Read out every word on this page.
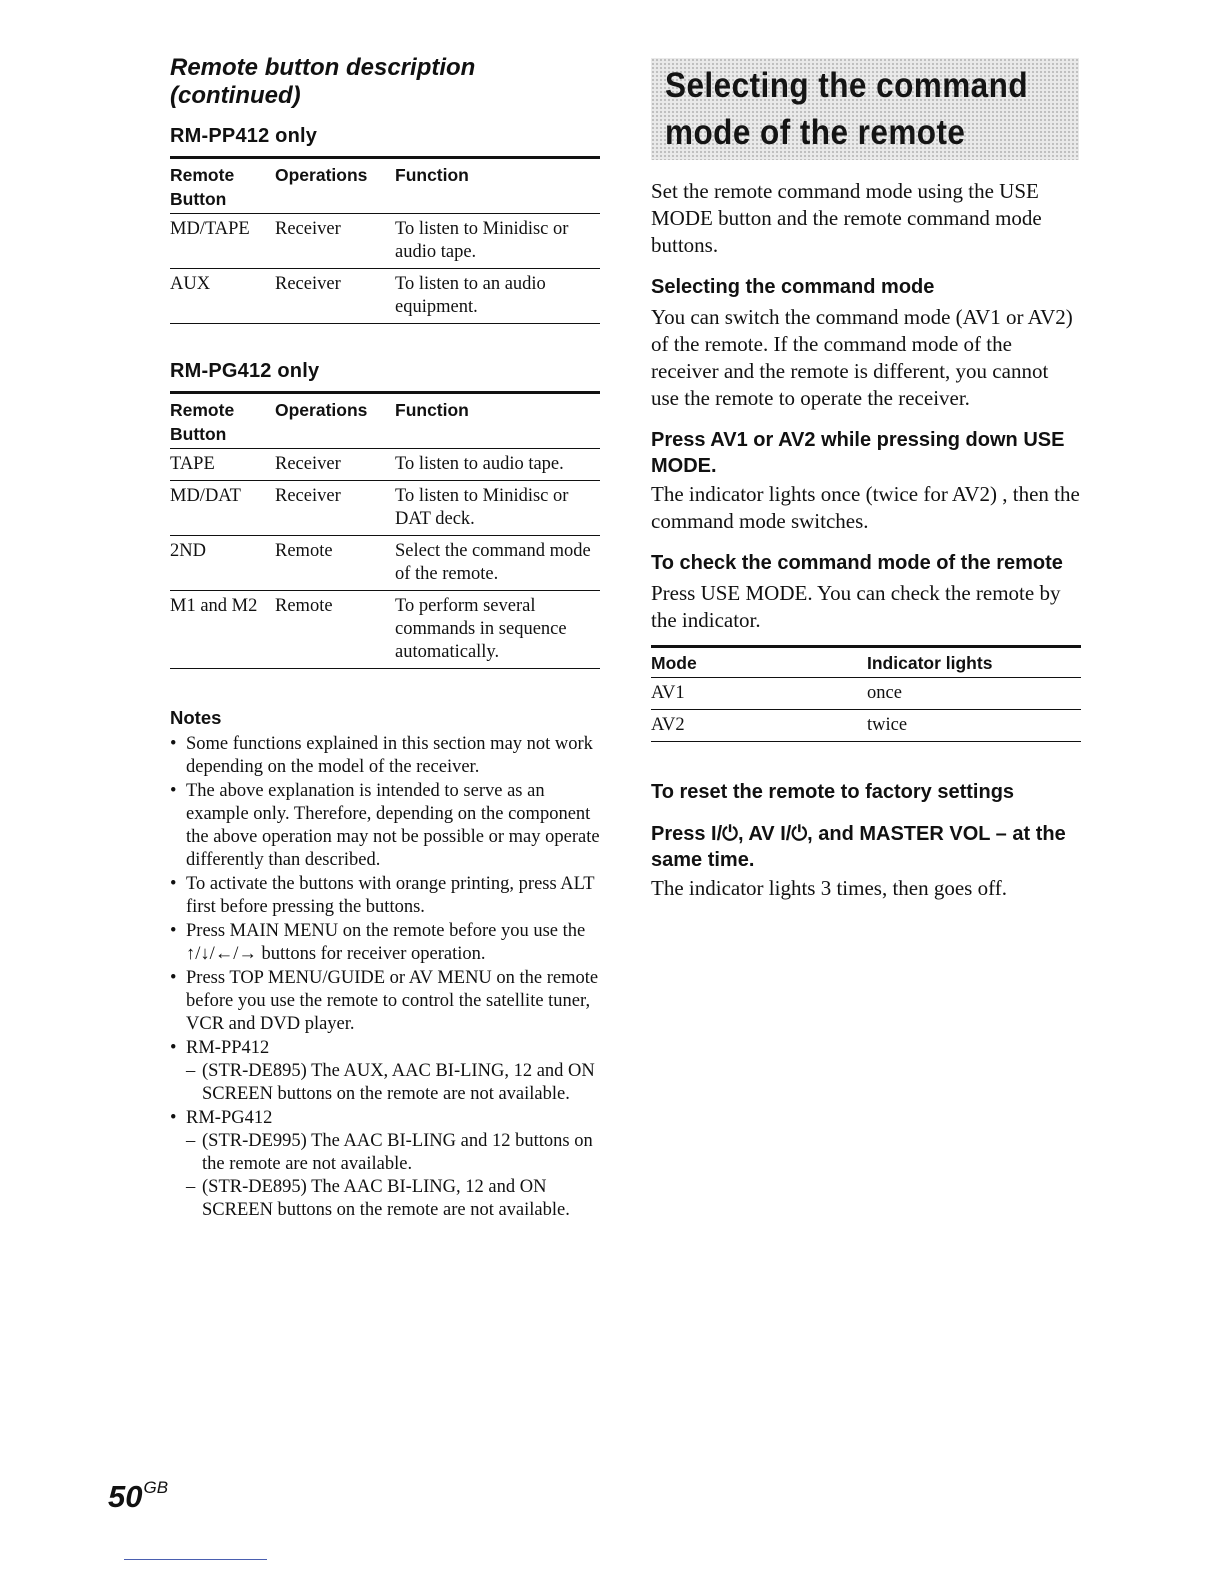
Remote button description
(continued)
RM-PP412 only
Remote Button	Operations	Function
MD/TAPE	Receiver	To listen to Minidisc or audio tape.
AUX	Receiver	To listen to an audio equipment.
RM-PG412 only
Remote Button	Operations	Function
TAPE	Receiver	To listen to audio tape.
MD/DAT	Receiver	To listen to Minidisc or DAT deck.
2ND	Remote	Select the command mode of the remote.
M1 and M2	Remote	To perform several commands in sequence automatically.
Notes
• Some functions explained in this section may not work depending on the model of the receiver.
• The above explanation is intended to serve as an example only. Therefore, depending on the component the above operation may not be possible or may operate differently than described.
• To activate the buttons with orange printing, press ALT first before pressing the buttons.
• Press MAIN MENU on the remote before you use the ↑/↓/←/→ buttons for receiver operation.
• Press TOP MENU/GUIDE or AV MENU on the remote before you use the remote to control the satellite tuner, VCR and DVD player.
• RM-PP412
– (STR-DE895) The AUX, AAC BI-LING, 12 and ON SCREEN buttons on the remote are not available.
• RM-PG412
– (STR-DE995) The AAC BI-LING and 12 buttons on the remote are not available.
– (STR-DE895) The AAC BI-LING, 12 and ON SCREEN buttons on the remote are not available.
Selecting the command
mode of the remote

Set the remote command mode using the USE MODE button and the remote command mode buttons.

Selecting the command mode

You can switch the command mode (AV1 or AV2) of the remote. If the command mode of the receiver and the remote is different, you cannot use the remote to operate the receiver.

Press AV1 or AV2 while pressing down USE MODE.

The indicator lights once (twice for AV2) , then the command mode switches.

To check the command mode of the remote

Press USE MODE. You can check the remote by the indicator.

Mode	Indicator lights
AV1	once
AV2	twice
To reset the remote to factory settings
Press I/⏻, AV I/⏻, and MASTER VOL – at the same time.

The indicator lights 3 times, then goes off.

$50^{GB}$
